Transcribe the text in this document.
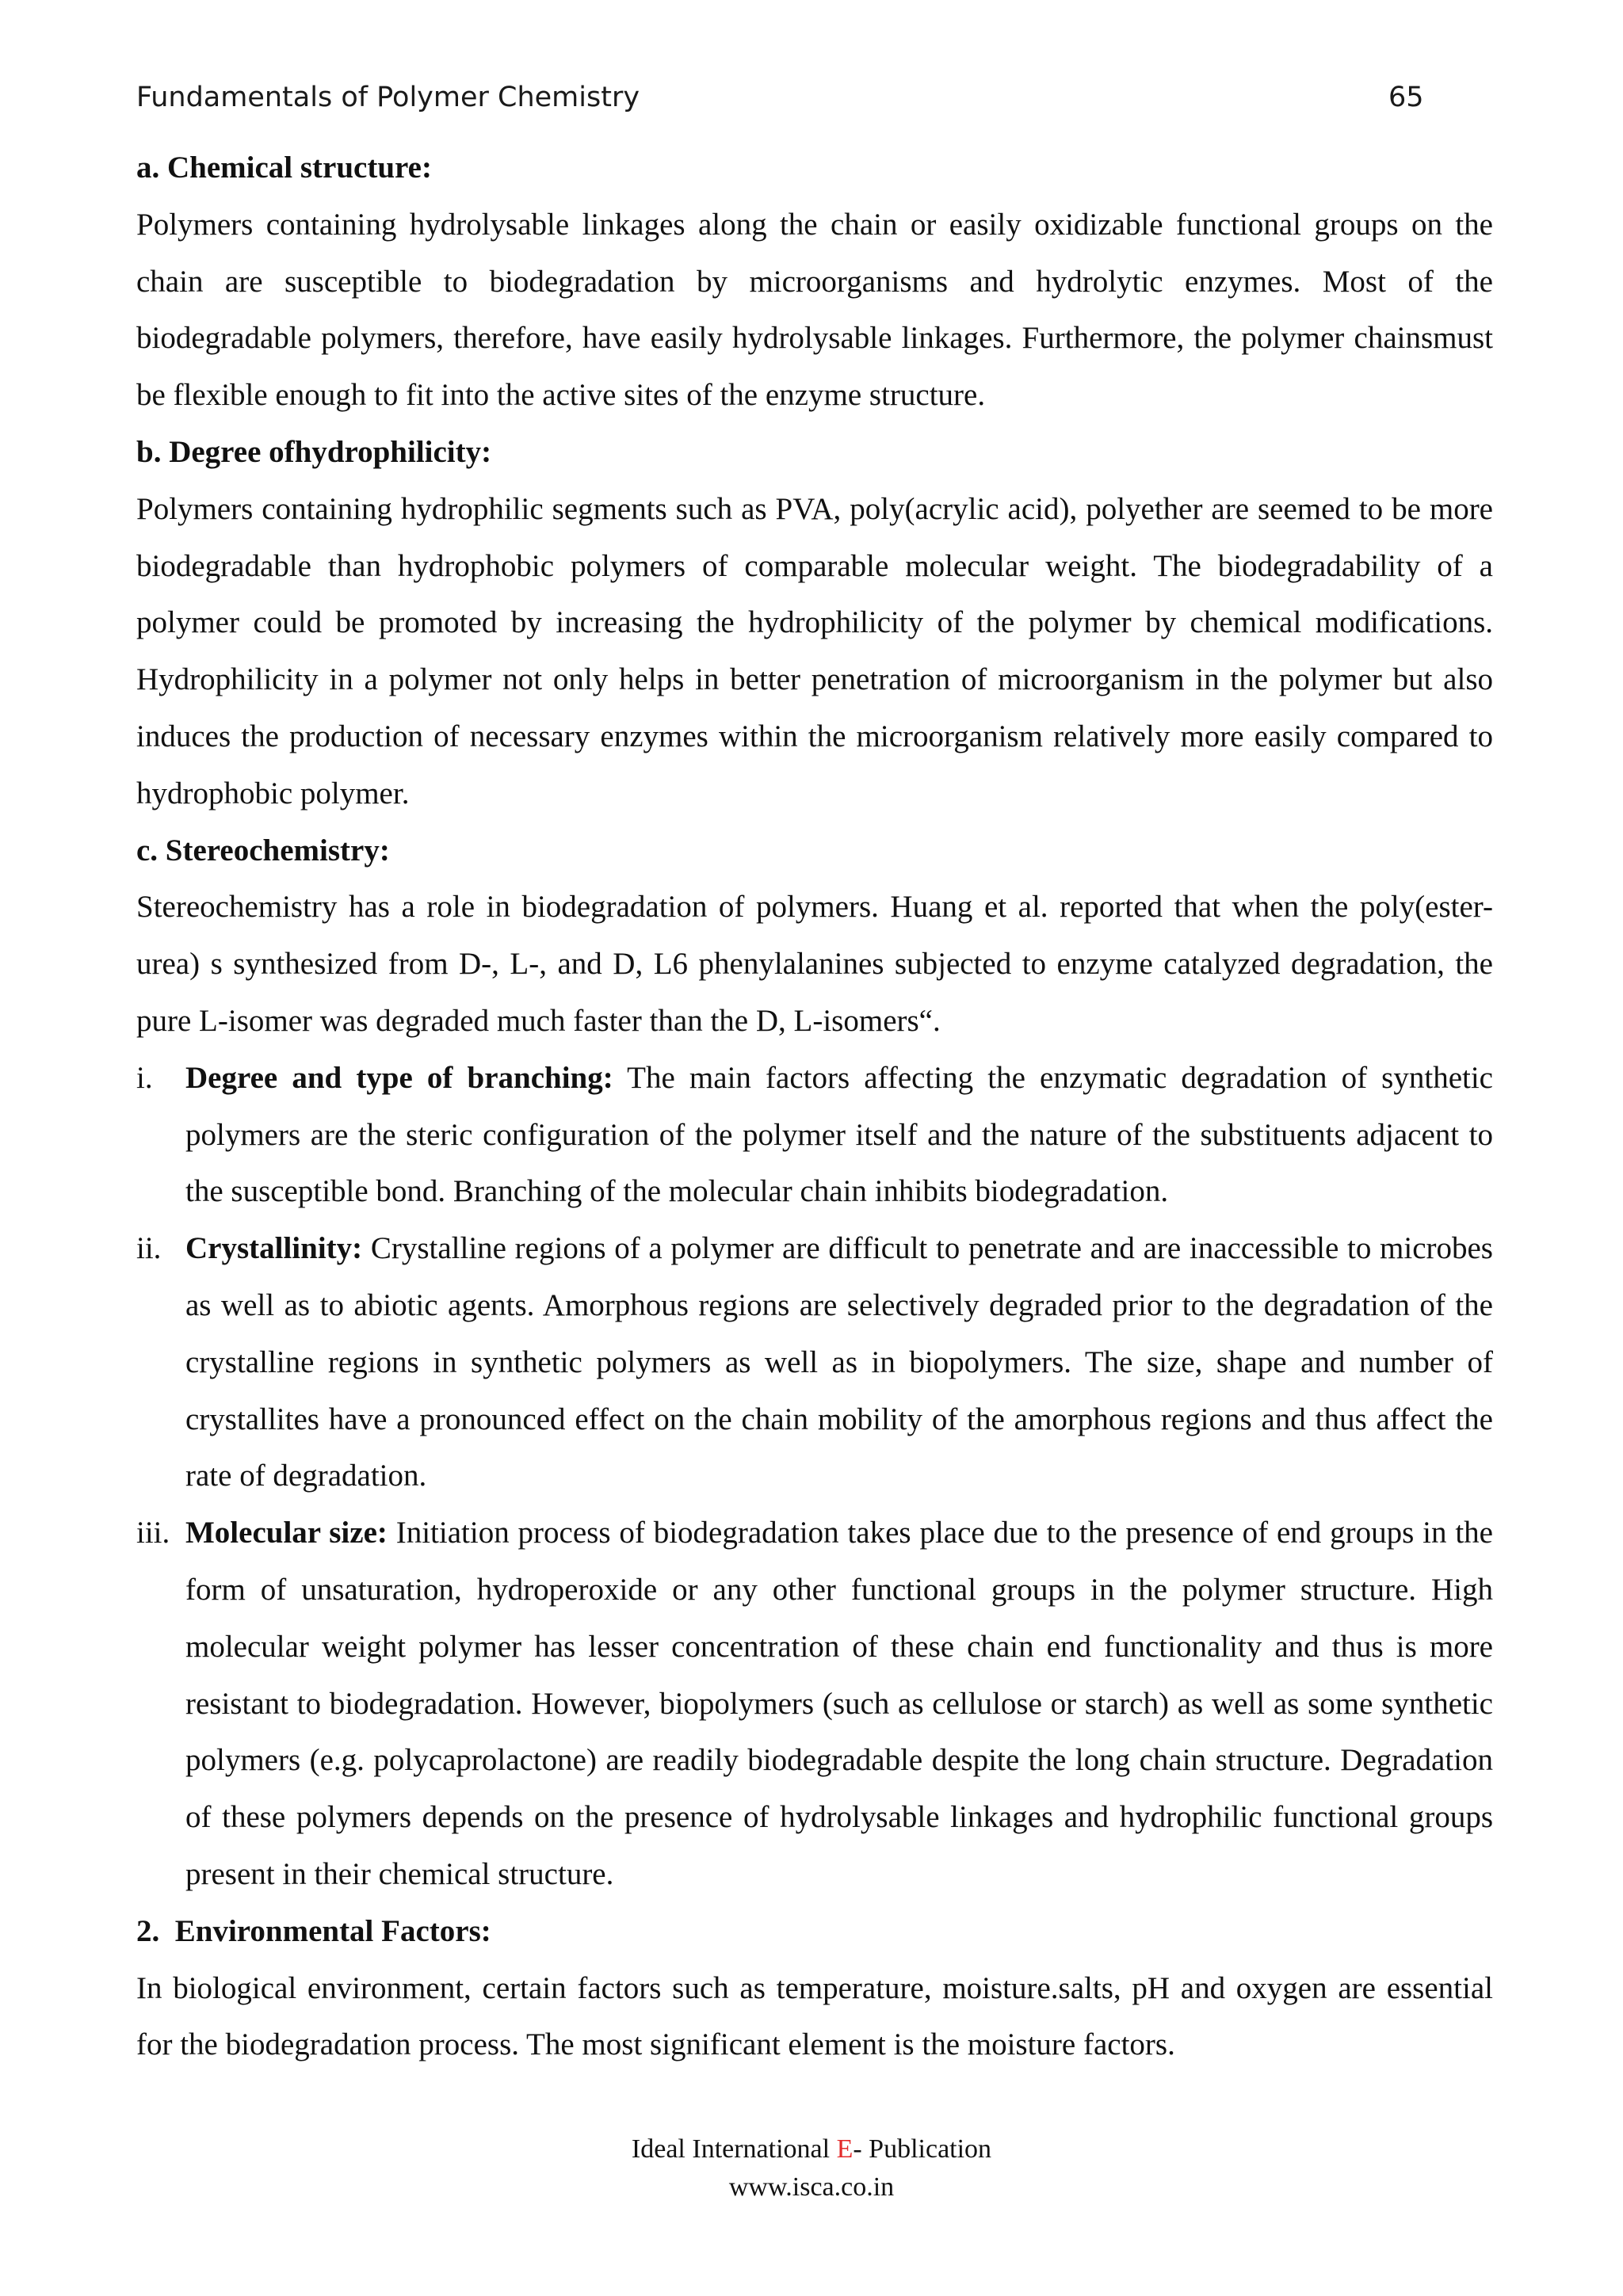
Fundamentals of Polymer Chemistry	65

a. Chemical structure:

Polymers containing hydrolysable linkages along the chain or easily oxidizable functional groups on the chain are susceptible to biodegradation by microorganisms and hydrolytic enzymes. Most of the biodegradable polymers, therefore, have easily hydrolysable linkages. Furthermore, the polymer chainsmust be flexible enough to fit into the active sites of the enzyme structure.

b. Degree ofhydrophilicity:

Polymers containing hydrophilic segments such as PVA, poly(acrylic acid), polyether are seemed to be more biodegradable than hydrophobic polymers of comparable molecular weight. The biodegradability of a polymer could be promoted by increasing the hydrophilicity of the polymer by chemical modifications. Hydrophilicity in a polymer not only helps in better penetration of microorganism in the polymer but also induces the production of necessary enzymes within the microorganism relatively more easily compared to hydrophobic polymer.

c. Stereochemistry:

Stereochemistry has a role in biodegradation of polymers. Huang et al. reported that when the poly(ester-urea) s synthesized from D-, L-, and D, L6 phenylalanines subjected to enzyme catalyzed degradation, the pure L-isomer was degraded much faster than the D, L-isomers“.

i. Degree and type of branching: The main factors affecting the enzymatic degradation of synthetic polymers are the steric configuration of the polymer itself and the nature of the substituents adjacent to the susceptible bond. Branching of the molecular chain inhibits biodegradation.
ii. Crystallinity: Crystalline regions of a polymer are difficult to penetrate and are inaccessible to microbes as well as to abiotic agents. Amorphous regions are selectively degraded prior to the degradation of the crystalline regions in synthetic polymers as well as in biopolymers. The size, shape and number of crystallites have a pronounced effect on the chain mobility of the amorphous regions and thus affect the rate of degradation.
iii. Molecular size: Initiation process of biodegradation takes place due to the presence of end groups in the form of unsaturation, hydroperoxide or any other functional groups in the polymer structure. High molecular weight polymer has lesser concentration of these chain end functionality and thus is more resistant to biodegradation. However, biopolymers (such as cellulose or starch) as well as some synthetic polymers (e.g. polycaprolactone) are readily biodegradable despite the long chain structure. Degradation of these polymers depends on the presence of hydrolysable linkages and hydrophilic functional groups present in their chemical structure.

2.  Environmental Factors:

In biological environment, certain factors such as temperature, moisture.salts, pH and oxygen are essential for the biodegradation process. The most significant element is the moisture factors.

Ideal International E- Publication
www.isca.co.in
